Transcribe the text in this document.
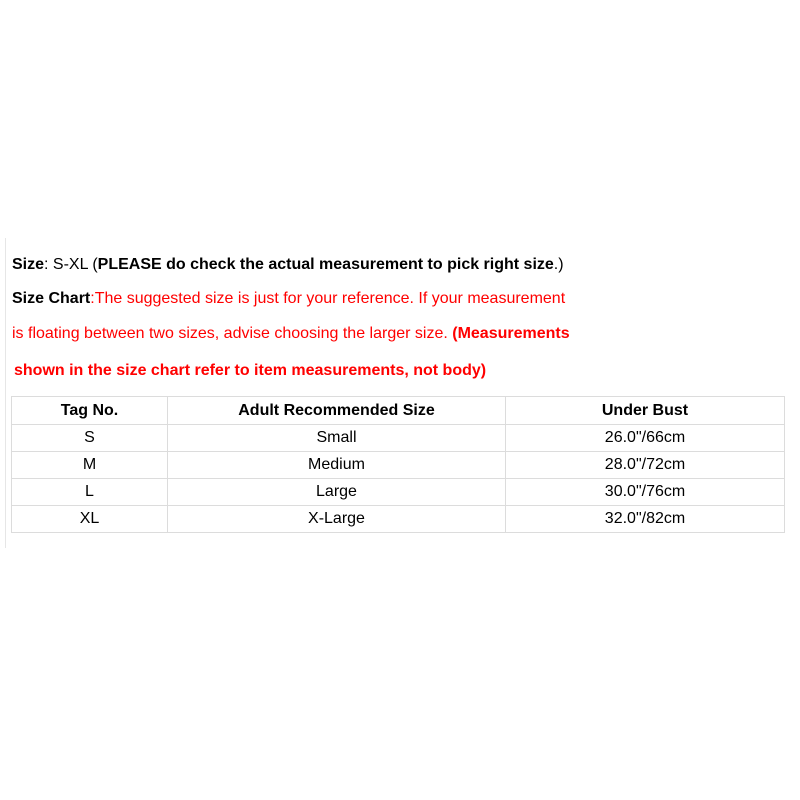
Size: S-XL (PLEASE do check the actual measurement to pick right size.)
Size Chart:The suggested size is just for your reference. If your measurement
is floating between two sizes, advise choosing the larger size. (Measurements
shown in the size chart refer to item measurements, not body)
Tag No.	Adult Recommended Size	Under Bust
S	Small	26.0"/66cm
M	Medium	28.0"/72cm
L	Large	30.0"/76cm
XL	X-Large	32.0"/82cm
